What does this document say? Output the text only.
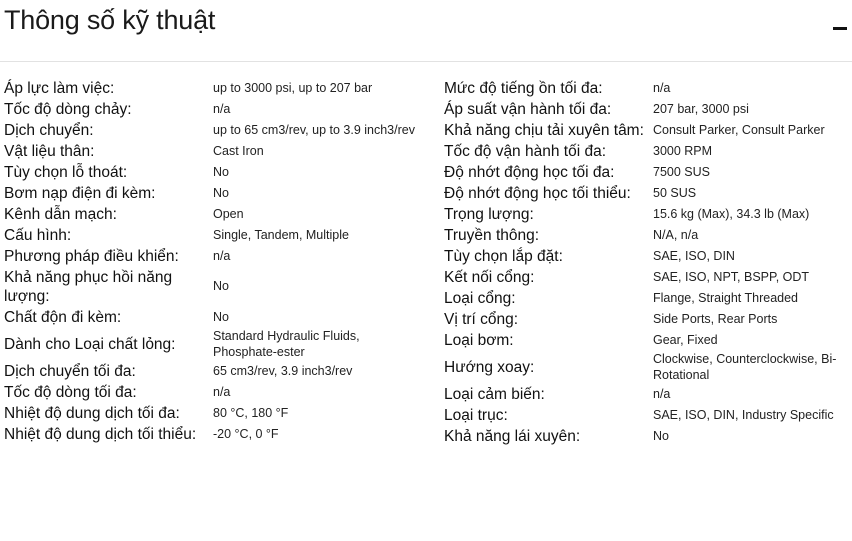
Thông số kỹ thuật
Áp lực làm việc:	up to 3000 psi, up to 207 bar
Tốc độ dòng chảy:	n/a
Dịch chuyển:	up to 65 cm3/rev, up to 3.9 inch3/rev
Vật liệu thân:	Cast Iron
Tùy chọn lỗ thoát:	No
Bơm nạp điện đi kèm:	No
Kênh dẫn mạch:	Open
Cấu hình:	Single, Tandem, Multiple
Phương pháp điều khiển:	n/a
Khả năng phục hồi năng lượng:
No
Chất độn đi kèm:	No
Dành cho Loại chất lỏng:	Standard Hydraulic Fluids, Phosphate-ester
Dịch chuyển tối đa:	65 cm3/rev, 3.9 inch3/rev
Tốc độ dòng tối đa:	n/a
Nhiệt độ dung dịch tối đa:	80 °C, 180 °F
Nhiệt độ dung dịch tối thiểu:	-20 °C, 0 °F
Mức độ tiếng ồn tối đa:	n/a
Áp suất vận hành tối đa:	207 bar, 3000 psi
Khả năng chịu tải xuyên tâm: Consult Parker, Consult Parker
Tốc độ vận hành tối đa:	3000 RPM
Độ nhớt động học tối đa:	7500 SUS
Độ nhớt động học tối thiểu:	50 SUS
Trọng lượng:	15.6 kg (Max), 34.3 lb (Max)
Truyền thông:	N/A, n/a
Tùy chọn lắp đặt:	SAE, ISO, DIN
Kết nối cổng:	SAE, ISO, NPT, BSPP, ODT
Loại cổng:	Flange, Straight Threaded
Vị trí cổng:	Side Ports, Rear Ports
Loại bơm:	Gear, Fixed
Hướng xoay:	Clockwise, Counterclockwise, Bi-Rotational
Loại cảm biến:	n/a
Loại trục:	SAE, ISO, DIN, Industry Specific
Khả năng lái xuyên:	No
